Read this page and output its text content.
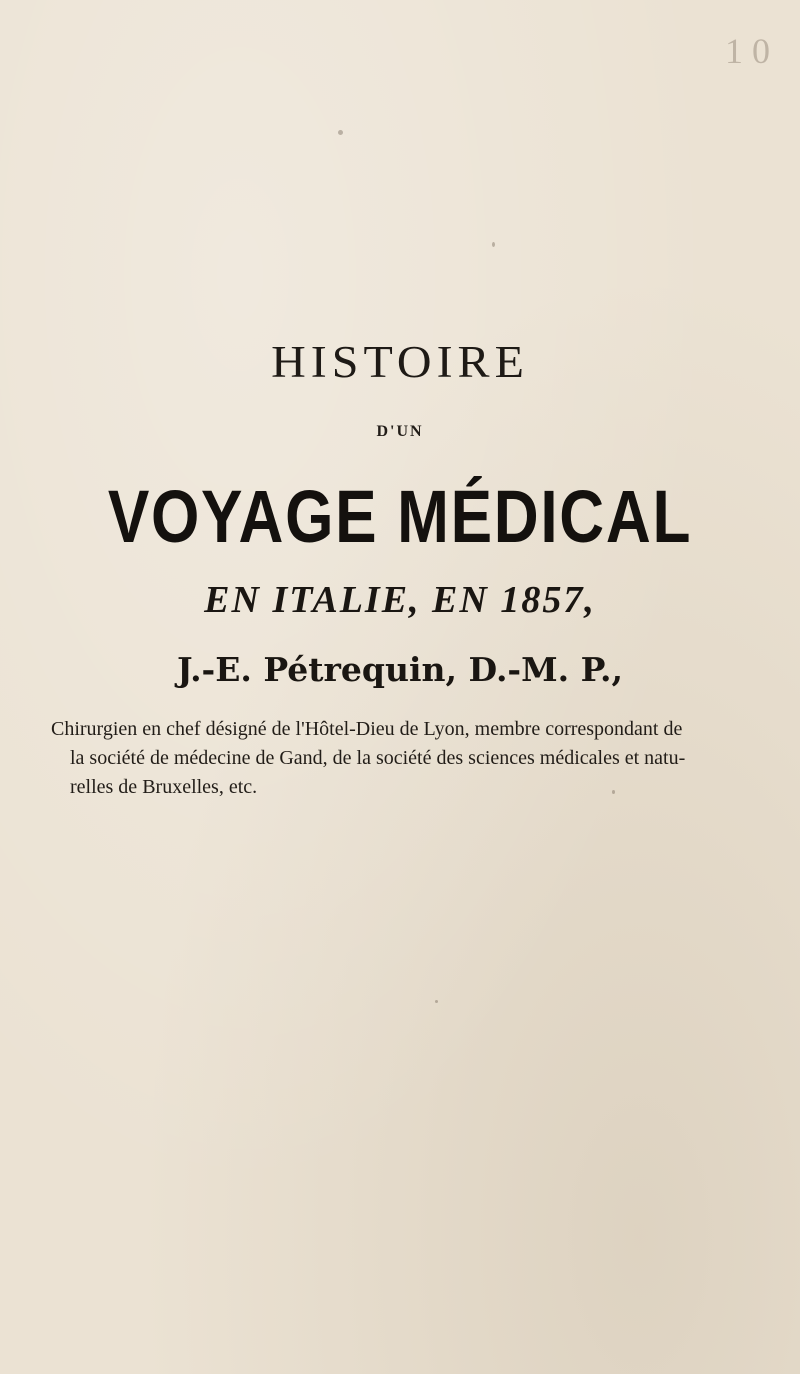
1 0
HISTOIRE
D'UN
VOYAGE MÉDICAL
EN ITALIE, EN 1857,
J.-E. Pétrequin, D.-M. P.,
Chirurgien en chef désigné de l'Hôtel-Dieu de Lyon, membre correspondant de
la société de médecine de Gand, de la société des sciences médicales et natu-
relles de Bruxelles, etc.
